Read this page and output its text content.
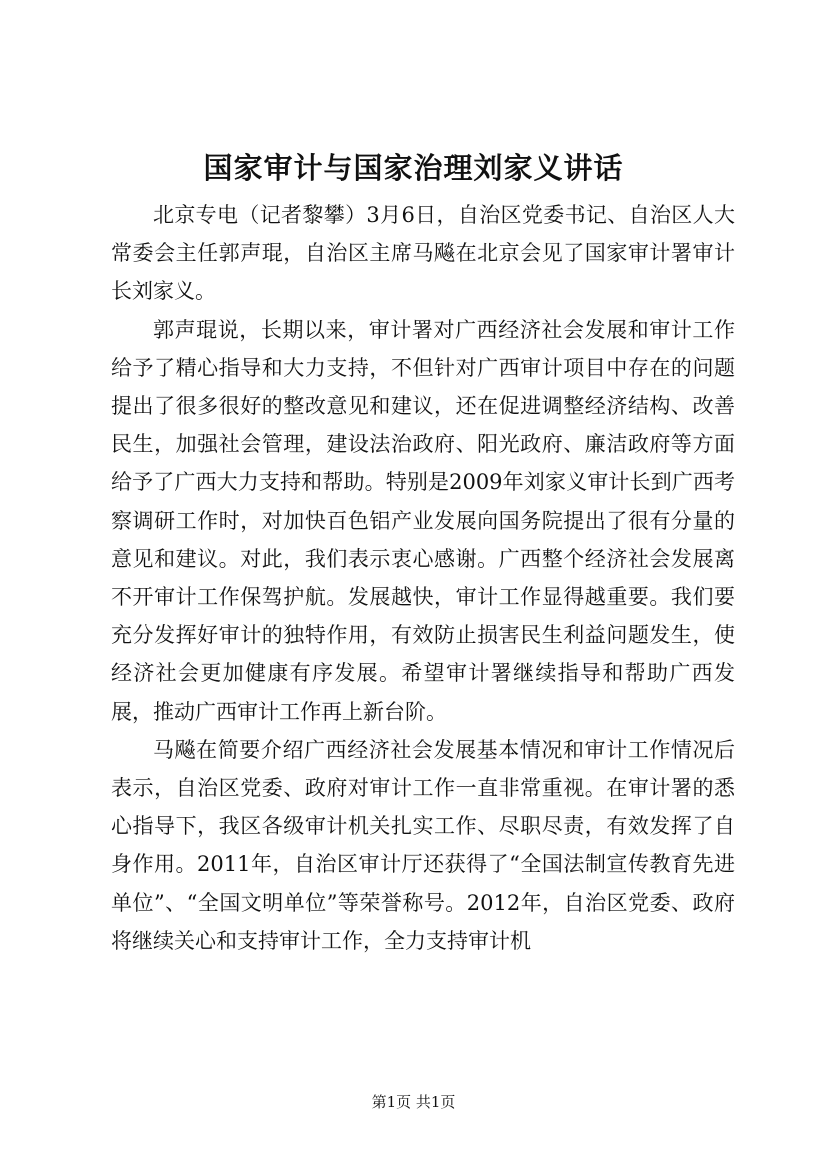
国家审计与国家治理刘家义讲话

北京专电（记者黎攀）3月6日，自治区党委书记、自治区人大常委会主任郭声琨，自治区主席马飚在北京会见了国家审计署审计长刘家义。

郭声琨说，长期以来，审计署对广西经济社会发展和审计工作给予了精心指导和大力支持，不但针对广西审计项目中存在的问题提出了很多很好的整改意见和建议，还在促进调整经济结构、改善民生，加强社会管理，建设法治政府、阳光政府、廉洁政府等方面给予了广西大力支持和帮助。特别是2009年刘家义审计长到广西考察调研工作时，对加快百色铝产业发展向国务院提出了很有分量的意见和建议。对此，我们表示衷心感谢。广西整个经济社会发展离不开审计工作保驾护航。发展越快，审计工作显得越重要。我们要充分发挥好审计的独特作用，有效防止损害民生利益问题发生，使经济社会更加健康有序发展。希望审计署继续指导和帮助广西发展，推动广西审计工作再上新台阶。

马飚在简要介绍广西经济社会发展基本情况和审计工作情况后表示，自治区党委、政府对审计工作一直非常重视。在审计署的悉心指导下，我区各级审计机关扎实工作、尽职尽责，有效发挥了自身作用。2011年，自治区审计厅还获得了“全国法制宣传教育先进单位”、“全国文明单位”等荣誉称号。2012年，自治区党委、政府将继续关心和支持审计工作，全力支持审计机

第1页 共1页
